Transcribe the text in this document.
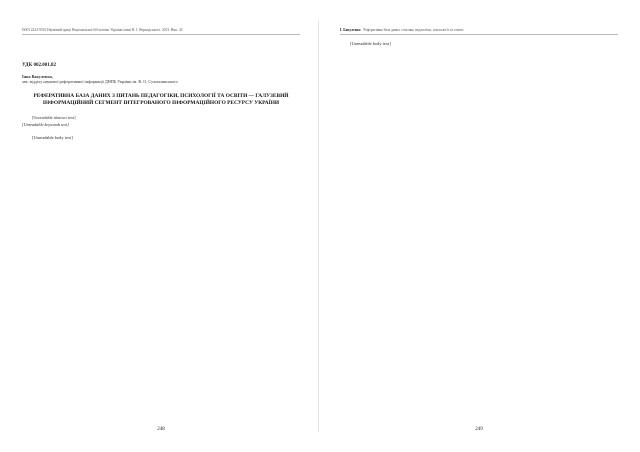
ISSN 2224-9516 Науковий праці Національної бібліотеки України імені В. І. Вернадського. 2013. Вип. 42
УДК 002.001.82
Інна Вакуленко,
зав. відділу наукової реферативної інформації ДНПБ України ім. В. О. Сухомлинського
РЕФЕРАТИВНА БАЗА ДАНИХ З ПИТАНЬ ПЕДАГОГІКИ, ПСИХОЛОГІЇ ТА ОСВІТИ — ГАЛУЗЕВИЙ ІНФОРМАЦІЙНИЙ СЕГМЕНТ ІНТЕГРОВАНОГО ІНФОРМАЦІЙНОГО РЕСУРСУ УКРАЇНИ

[Unreadable abstract text]

[Unreadable keywords text]

[Unreadable body text]

248
І. Бакуленко Реферативна база даних з питань педагогіки, психології та освіти

[Unreadable body text]

249
